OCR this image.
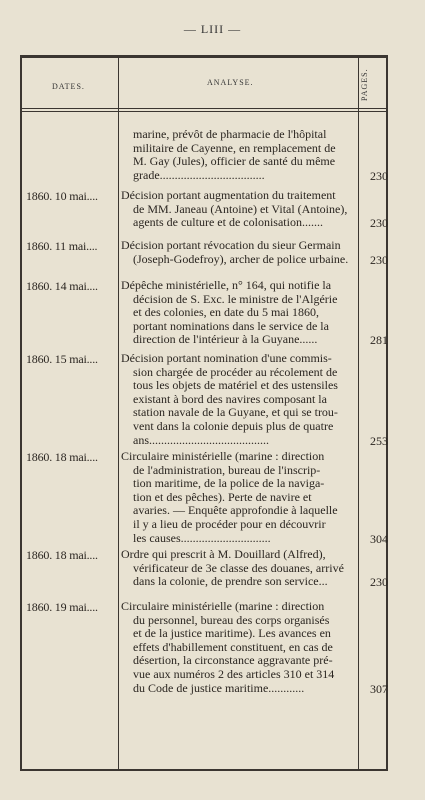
— LIII —
DATES.	ANALYSE.	PAGES.
marine, prévôt de pharmacie de l'hôpital
militaire de Cayenne, en remplacement de
M. Gay (Jules), officier de santé du même
grade...................................	230
1860. 10 mai....	Décision portant augmentation du traitement
de MM. Janeau (Antoine) et Vital (Antoine),
agents de culture et de colonisation.......	230
1860. 11 mai....	Décision portant révocation du sieur Germain
(Joseph-Godefroy), archer de police urbaine.	230
1860. 14 mai....	Dépêche ministérielle, n° 164, qui notifie la
décision de S. Exc. le ministre de l'Algérie
et des colonies, en date du 5 mai 1860,
portant nominations dans le service de la
direction de l'intérieur à la Guyane......	281
1860. 15 mai....	Décision portant nomination d'une commis-
sion chargée de procéder au récolement de
tous les objets de matériel et des ustensiles
existant à bord des navires composant la
station navale de la Guyane, et qui se trou-
vent dans la colonie depuis plus de quatre
ans........................................	253
1860. 18 mai....	Circulaire ministérielle (marine : direction
de l'administration, bureau de l'inscrip-
tion maritime, de la police de la naviga-
tion et des pêches). Perte de navire et
avaries. — Enquête approfondie à laquelle
il y a lieu de procéder pour en découvrir
les causes..............................	304
1860. 18 mai....	Ordre qui prescrit à M. Douillard (Alfred),
vérificateur de 3e classe des douanes, arrivé
dans la colonie, de prendre son service...	230
1860. 19 mai....	Circulaire ministérielle (marine : direction
du personnel, bureau des corps organisés
et de la justice maritime). Les avances en
effets d'habillement constituent, en cas de
désertion, la circonstance aggravante pré-
vue aux numéros 2 des articles 310 et 314
du Code de justice maritime............	307
